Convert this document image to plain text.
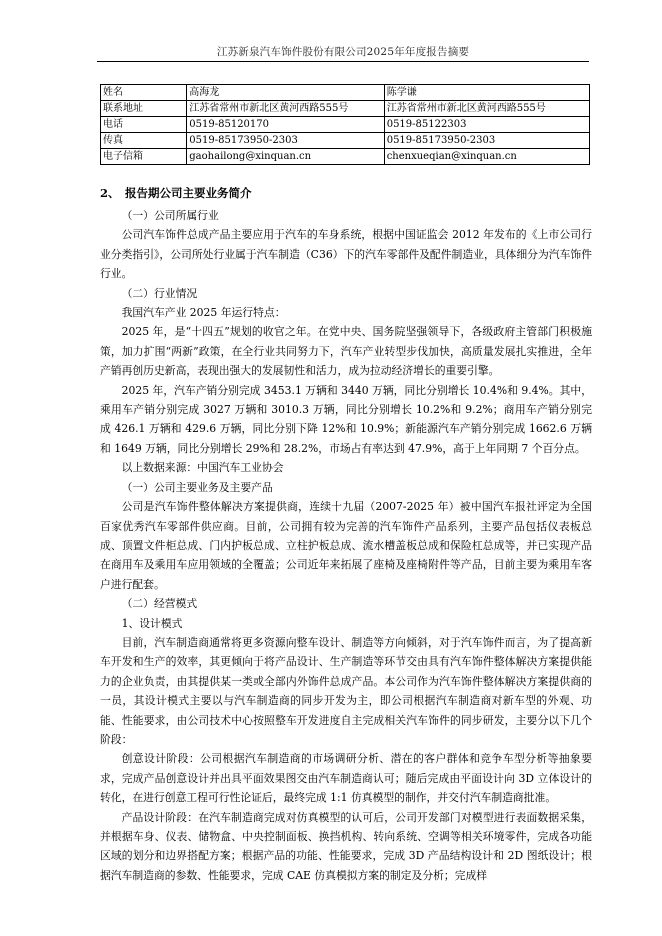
江苏新泉汽车饰件股份有限公司2025年年度报告摘要
姓名	高海龙	陈学谦
联系地址	江苏省常州市新北区黄河西路555号	江苏省常州市新北区黄河西路555号
电话	0519-85120170	0519-85122303
传真	0519-85173950-2303	0519-85173950-2303
电子信箱	gaohailong@xinquan.cn	chenxueqian@xinquan.cn
2、 报告期公司主要业务简介

（一）公司所属行业

公司汽车饰件总成产品主要应用于汽车的车身系统，根据中国证监会 2012 年发布的《上市公司行业分类指引》，公司所处行业属于汽车制造（C36）下的汽车零部件及配件制造业，具体细分为汽车饰件行业。

（二）行业情况

我国汽车产业 2025 年运行特点：

2025 年，是“十四五”规划的收官之年。在党中央、国务院坚强领导下，各级政府主管部门积极施策，加力扩围“两新”政策，在全行业共同努力下，汽车产业转型步伐加快，高质量发展扎实推进，全年产销再创历史新高，表现出强大的发展韧性和活力，成为拉动经济增长的重要引擎。

2025 年，汽车产销分别完成 3453.1 万辆和 3440 万辆，同比分别增长 10.4%和 9.4%。其中，乘用车产销分别完成 3027 万辆和 3010.3 万辆，同比分别增长 10.2%和 9.2%；商用车产销分别完成 426.1 万辆和 429.6 万辆，同比分别下降 12%和 10.9%；新能源汽车产销分别完成 1662.6 万辆和 1649 万辆，同比分别增长 29%和 28.2%，市场占有率达到 47.9%，高于上年同期 7 个百分点。

以上数据来源：中国汽车工业协会

（一）公司主要业务及主要产品

公司是汽车饰件整体解决方案提供商，连续十九届（2007-2025 年）被中国汽车报社评定为全国百家优秀汽车零部件供应商。目前，公司拥有较为完善的汽车饰件产品系列，主要产品包括仪表板总成、顶置文件柜总成、门内护板总成、立柱护板总成、流水槽盖板总成和保险杠总成等，并已实现产品在商用车及乘用车应用领域的全覆盖；公司近年来拓展了座椅及座椅附件等产品，目前主要为乘用车客户进行配套。

（二）经营模式

1、设计模式

目前，汽车制造商通常将更多资源向整车设计、制造等方向倾斜，对于汽车饰件而言，为了提高新车开发和生产的效率，其更倾向于将产品设计、生产制造等环节交由具有汽车饰件整体解决方案提供能力的企业负责，由其提供某一类或全部内外饰件总成产品。本公司作为汽车饰件整体解决方案提供商的一员，其设计模式主要以与汽车制造商的同步开发为主，即公司根据汽车制造商对新车型的外观、功能、性能要求，由公司技术中心按照整车开发进度自主完成相关汽车饰件的同步研发，主要分以下几个阶段：

创意设计阶段：公司根据汽车制造商的市场调研分析、潜在的客户群体和竞争车型分析等抽象要求，完成产品创意设计并出具平面效果图交由汽车制造商认可；随后完成由平面设计向 3D 立体设计的转化，在进行创意工程可行性论证后，最终完成 1:1 仿真模型的制作，并交付汽车制造商批准。

产品设计阶段：在汽车制造商完成对仿真模型的认可后，公司开发部门对模型进行表面数据采集，并根据车身、仪表、储物盒、中央控制面板、换挡机构、转向系统、空调等相关环境零件，完成各功能区域的划分和边界搭配方案；根据产品的功能、性能要求，完成 3D 产品结构设计和 2D 图纸设计；根据汽车制造商的参数、性能要求，完成 CAE 仿真模拟方案的制定及分析；完成样
